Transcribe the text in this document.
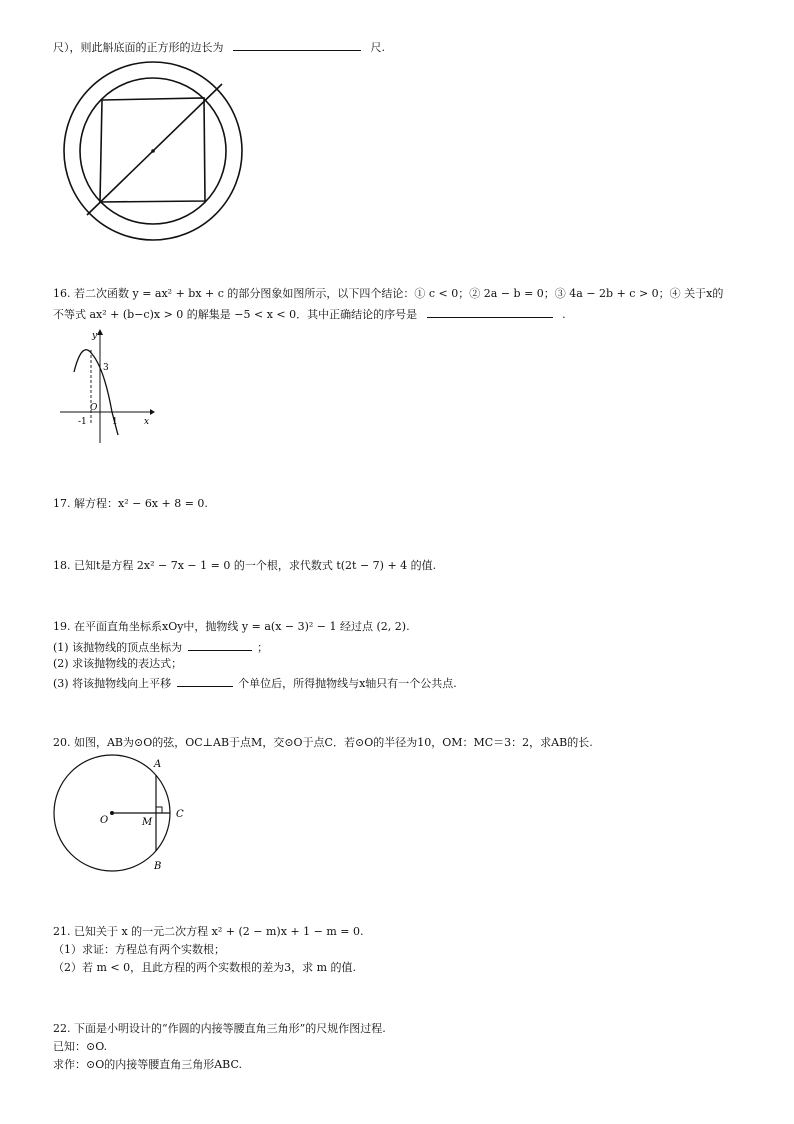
尺），则此斛底面的正方形的边长为	尺.
16. 若二次函数 y = ax² + bx + c 的部分图象如图所示，以下四个结论：① c < 0；② 2a − b = 0；③ 4a − 2b + c > 0；④ 关于x的
不等式 ax² + (b−c)x > 0 的解集是 −5 < x < 0．其中正确结论的序号是	.
y
x
O
3
-1	1
17. 解方程：x² − 6x + 8 = 0.
18. 已知t是方程 2x² − 7x − 1 = 0 的一个根，求代数式 t(2t − 7) + 4 的值.
19. 在平面直角坐标系xOy中，抛物线 y = a(x − 3)² − 1 经过点 (2, 2).
(1) 该抛物线的顶点坐标为	；
(2) 求该抛物线的表达式；
(3) 将该抛物线向上平移	个单位后，所得抛物线与x轴只有一个公共点.
20. 如图，AB为⊙O的弦，OC⊥AB于点M，交⊙O于点C．若⊙O的半径为10，OM：MC＝3：2，求AB的长.
A
B
C
M
O
21. 已知关于 x 的一元二次方程 x² + (2 − m)x + 1 − m = 0.
（1）求证：方程总有两个实数根；
（2）若 m < 0，且此方程的两个实数根的差为3，求 m 的值.
22. 下面是小明设计的“作圆的内接等腰直角三角形”的尺规作图过程.
已知：⊙O.
求作：⊙O的内接等腰直角三角形ABC.
